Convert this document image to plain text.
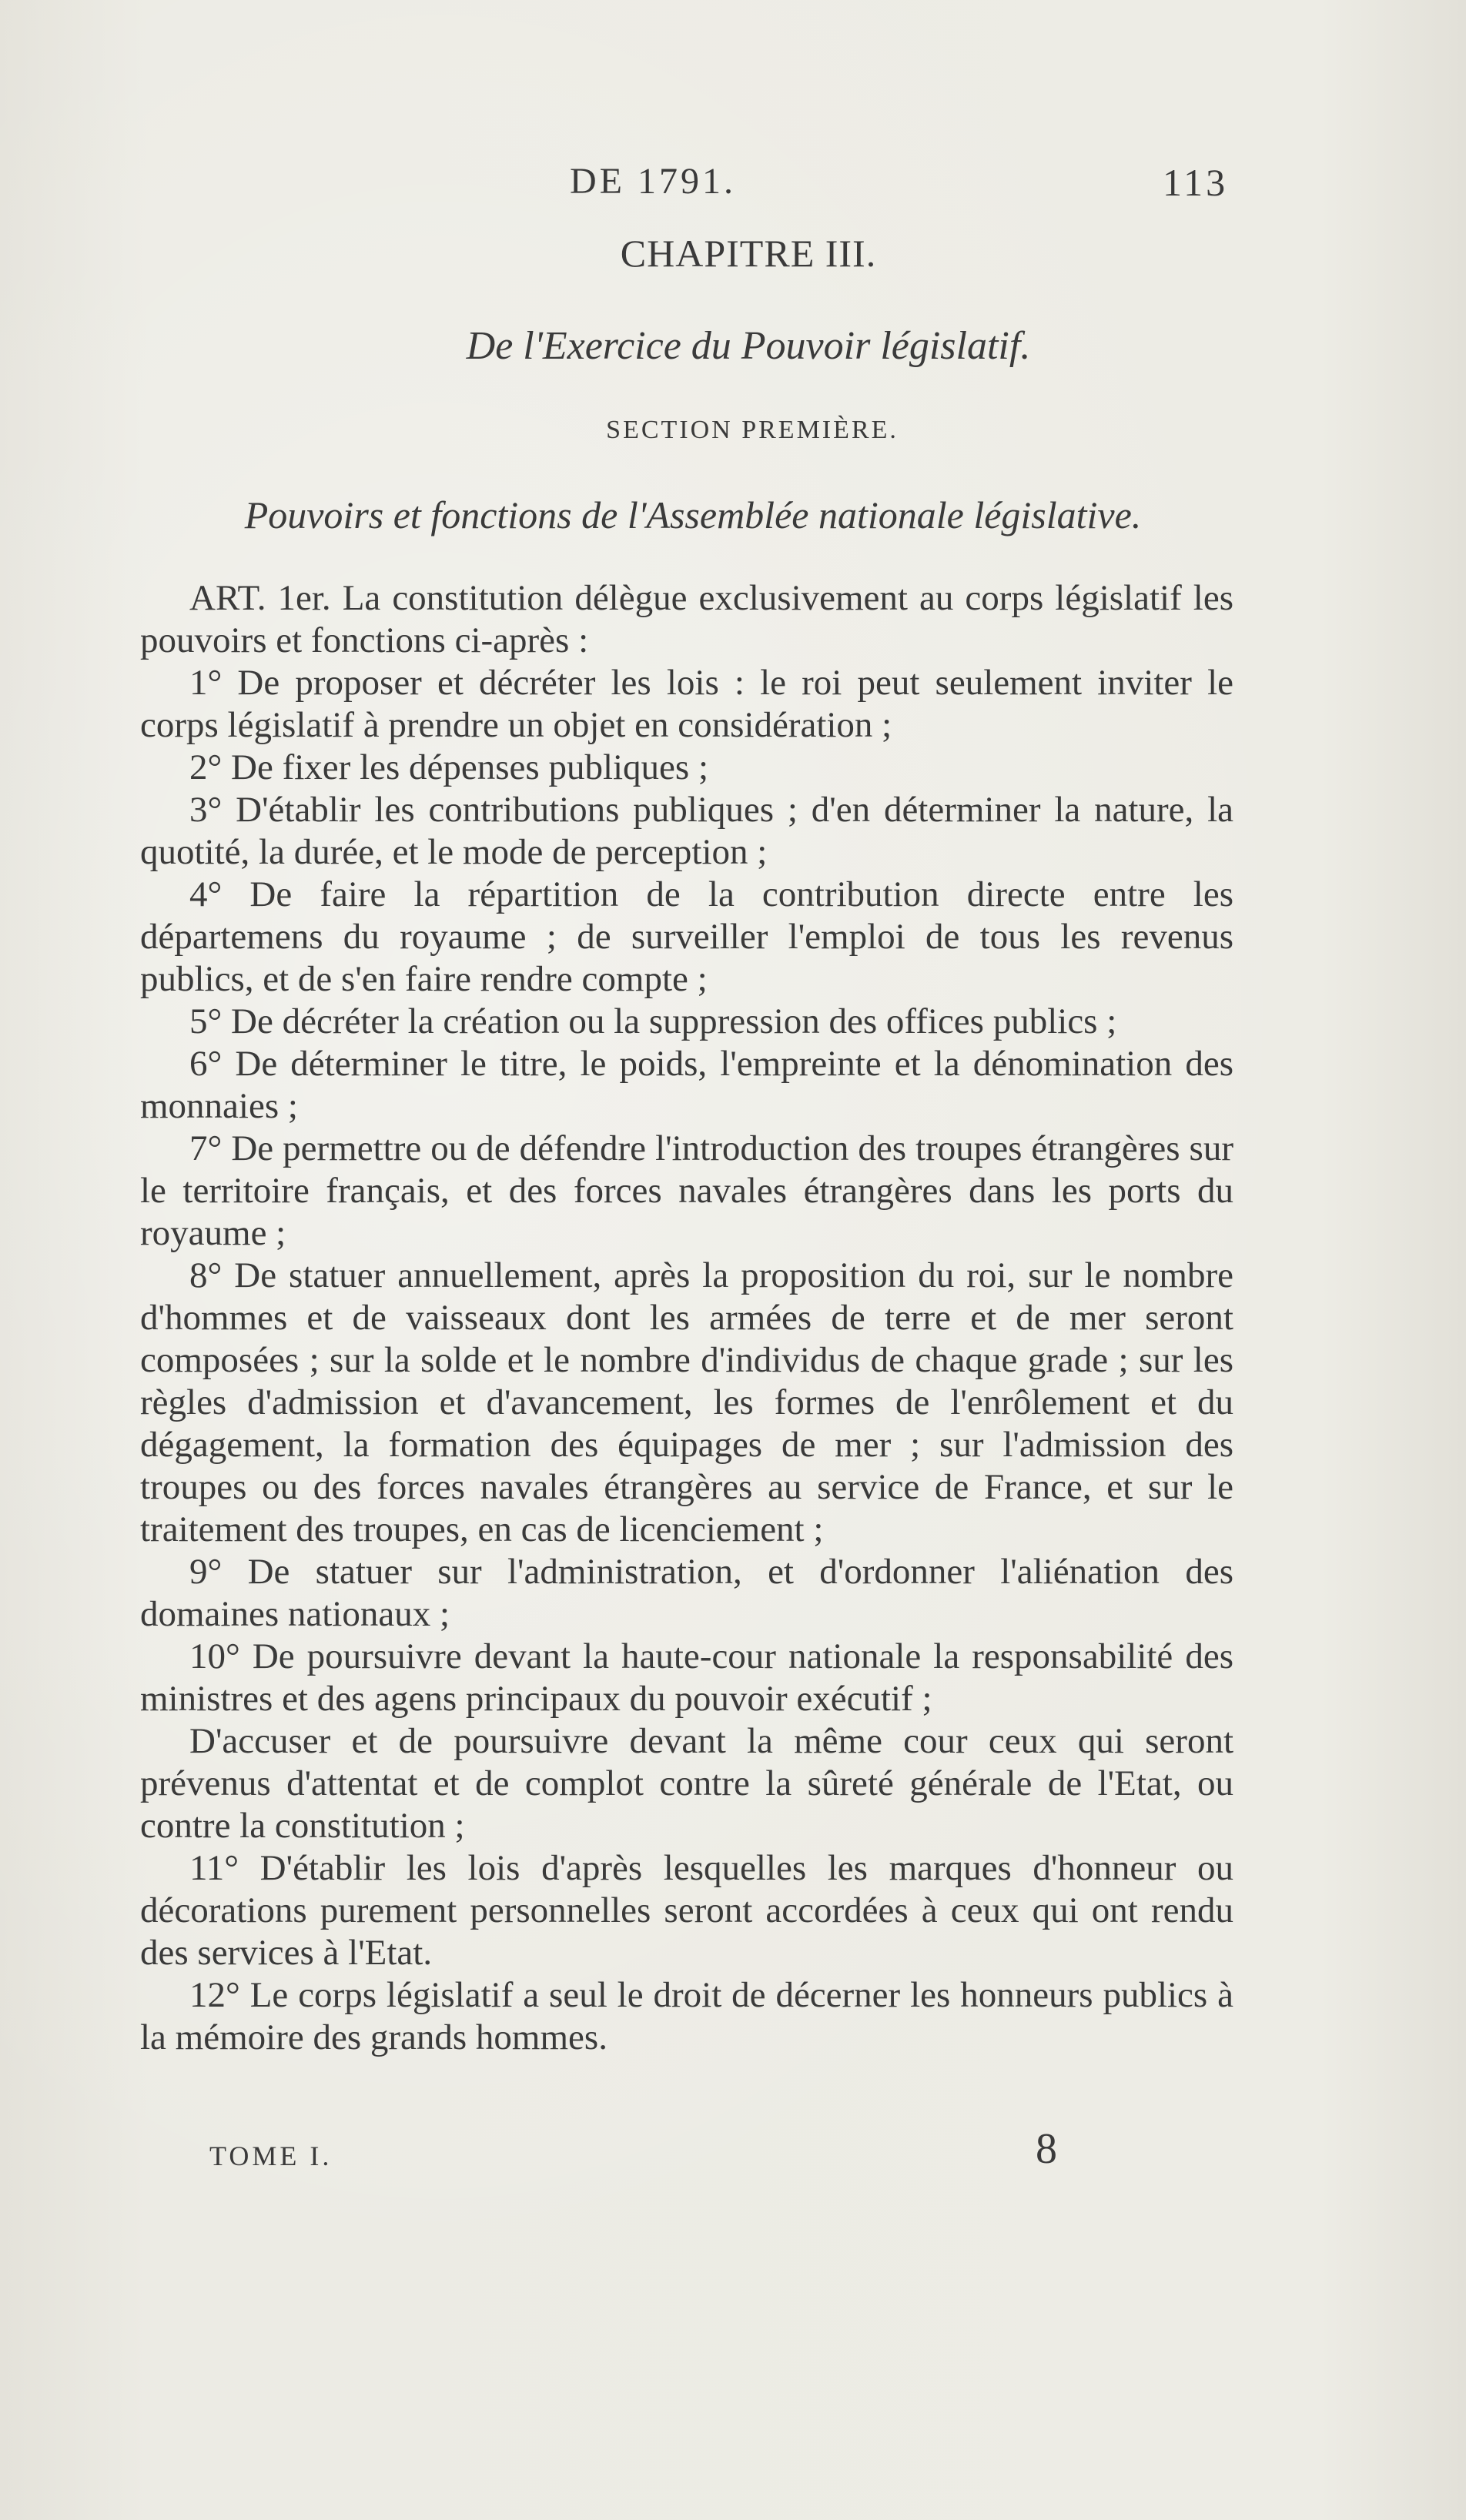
DE 1791.	113
CHAPITRE III.
De l'Exercice du Pouvoir législatif.
SECTION PREMIÈRE.
Pouvoirs et fonctions de l'Assemblée nationale législative.

ART. 1er. La constitution délègue exclusivement au corps législatif les pouvoirs et fonctions ci-après :

1° De proposer et décréter les lois : le roi peut seulement inviter le corps législatif à prendre un objet en considération ;

2° De fixer les dépenses publiques ;

3° D'établir les contributions publiques ; d'en déterminer la nature, la quotité, la durée, et le mode de perception ;

4° De faire la répartition de la contribution directe entre les départemens du royaume ; de surveiller l'emploi de tous les revenus publics, et de s'en faire rendre compte ;

5° De décréter la création ou la suppression des offices publics ;

6° De déterminer le titre, le poids, l'empreinte et la dénomination des monnaies ;

7° De permettre ou de défendre l'introduction des troupes étrangères sur le territoire français, et des forces navales étrangères dans les ports du royaume ;

8° De statuer annuellement, après la proposition du roi, sur le nombre d'hommes et de vaisseaux dont les armées de terre et de mer seront composées ; sur la solde et le nombre d'individus de chaque grade ; sur les règles d'admission et d'avancement, les formes de l'enrôlement et du dégagement, la formation des équipages de mer ; sur l'admission des troupes ou des forces navales étrangères au service de France, et sur le traitement des troupes, en cas de licenciement ;

9° De statuer sur l'administration, et d'ordonner l'aliénation des domaines nationaux ;

10° De poursuivre devant la haute-cour nationale la responsabilité des ministres et des agens principaux du pouvoir exécutif ;

D'accuser et de poursuivre devant la même cour ceux qui seront prévenus d'attentat et de complot contre la sûreté générale de l'Etat, ou contre la constitution ;

11° D'établir les lois d'après lesquelles les marques d'honneur ou décorations purement personnelles seront accordées à ceux qui ont rendu des services à l'Etat.

12° Le corps législatif a seul le droit de décerner les honneurs publics à la mémoire des grands hommes.

TOME I.	8
